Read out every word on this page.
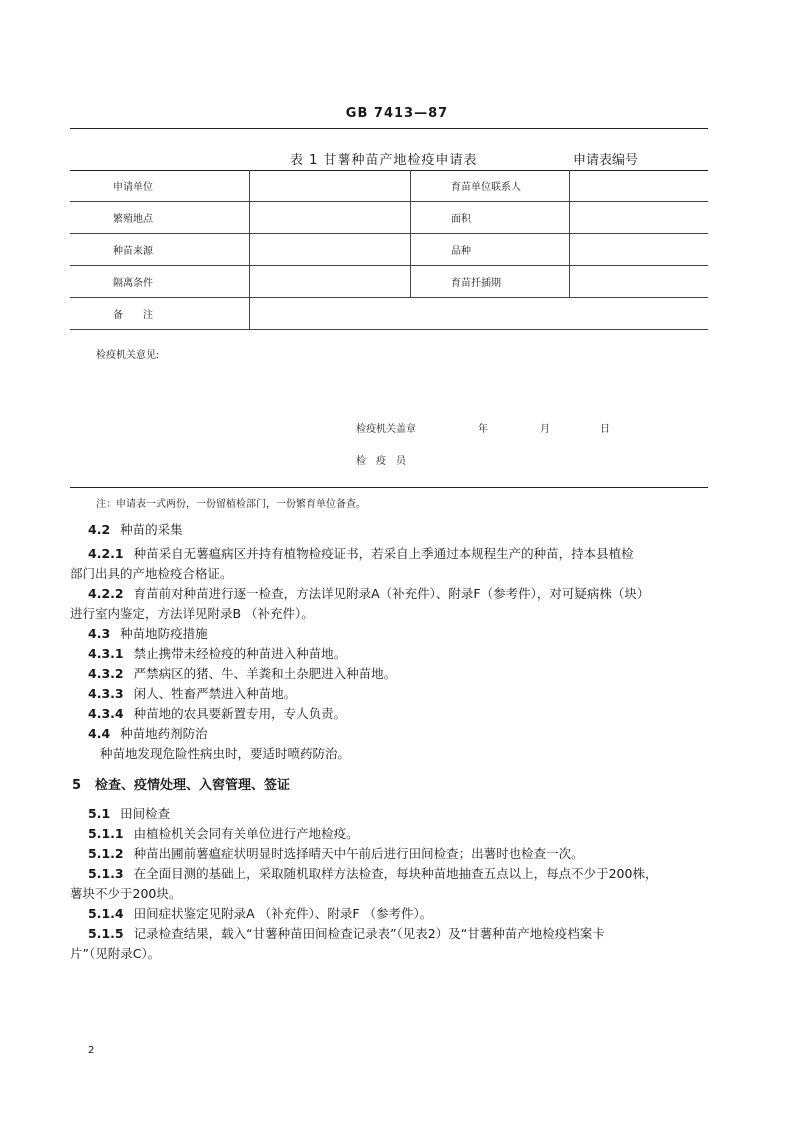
GB 7413—87
表 1 甘薯种苗产地检疫申请表	申请表编号
申请单位		育苗单位联系人	
繁殖地点		面积	
种苗来源		品种	
隔离条件		育苗扦插期	
备　　注			
检疫机关意见:
检疫机关盖章	年	月	日
检　疫　员
注：申请表一式两份，一份留植检部门，一份繁育单位备查。
4.2 种苗的采集
4.2.1 种苗采自无薯瘟病区并持有植物检疫证书，若采自上季通过本规程生产的种苗，持本县植检
部门出具的产地检疫合格证。
4.2.2 育苗前对种苗进行逐一检查，方法详见附录A（补充件）、附录F（参考件），对可疑病株（块）
进行室内鉴定，方法详见附录B （补充件）。
4.3 种苗地防疫措施
4.3.1 禁止携带未经检疫的种苗进入种苗地。
4.3.2 严禁病区的猪、牛、羊粪和土杂肥进入种苗地。
4.3.3 闲人、牲畜严禁进入种苗地。
4.3.4 种苗地的农具要新置专用，专人负责。
4.4 种苗地药剂防治
种苗地发现危险性病虫时，要适时喷药防治。
5 检查、疫情处理、入窖管理、签证
5.1 田间检查
5.1.1 由植检机关会同有关单位进行产地检疫。
5.1.2 种苗出圃前薯瘟症状明显时选择晴天中午前后进行田间检查；出薯时也检查一次。
5.1.3 在全面目测的基础上，采取随机取样方法检查，每块种苗地抽查五点以上，每点不少于200株，
薯块不少于200块。
5.1.4 田间症状鉴定见附录A （补充件）、附录F （参考件）。
5.1.5 记录检查结果，载入“甘薯种苗田间检查记录表”（见表2）及“甘薯种苗产地检疫档案卡
片”（见附录C）。
2
